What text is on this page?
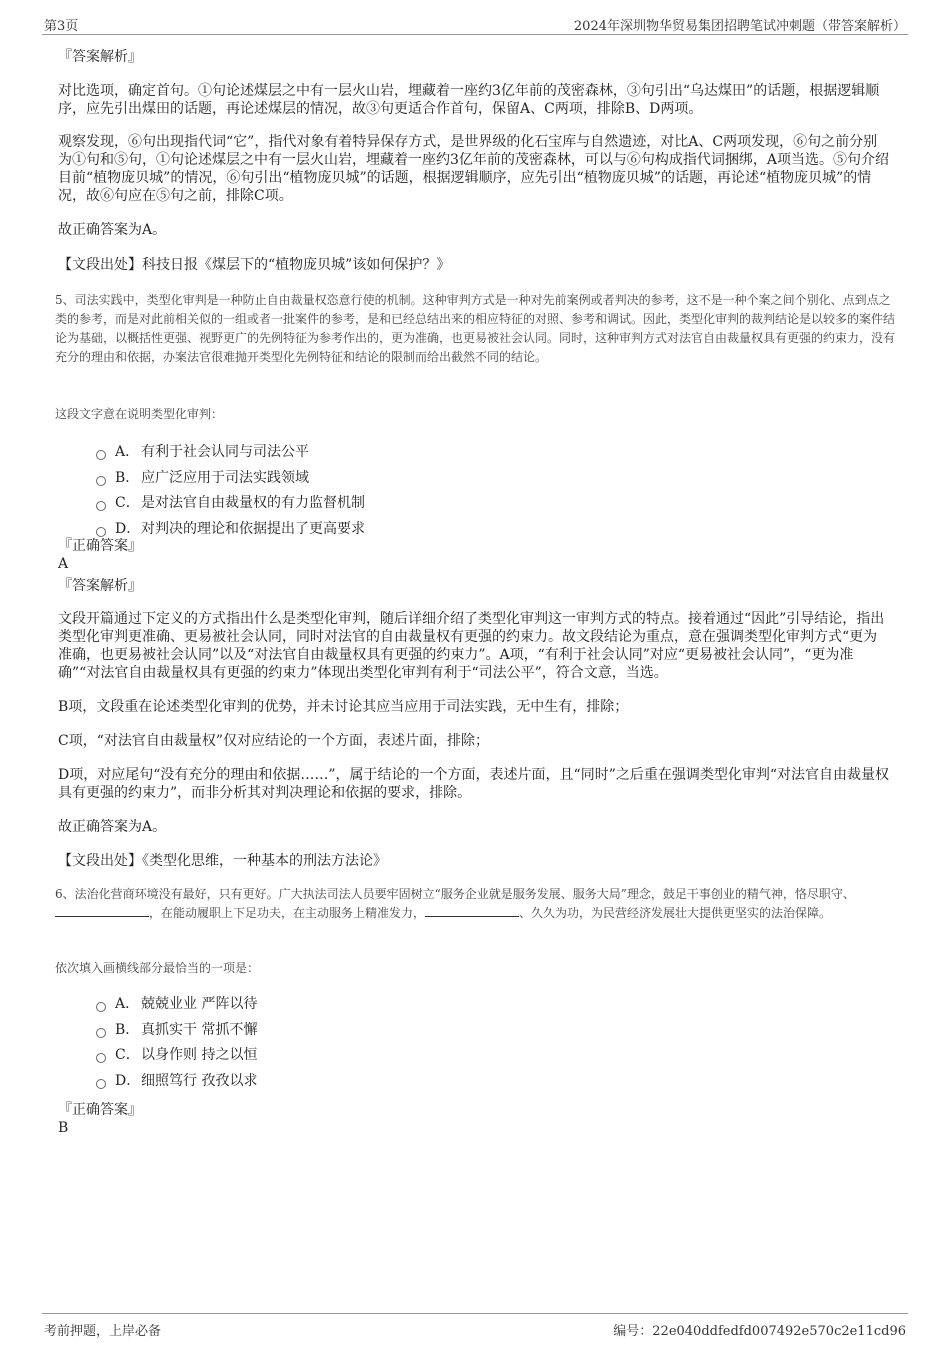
第3页	2024年深圳物华贸易集团招聘笔试冲刺题（带答案解析）
『答案解析』

对比选项，确定首句。①句论述煤层之中有一层火山岩，埋藏着一座约3亿年前的茂密森林，③句引出“乌达煤田”的话题，根据逻辑顺序，应先引出煤田的话题，再论述煤层的情况，故③句更适合作首句，保留A、C两项，排除B、D两项。

观察发现，⑥句出现指代词“它”，指代对象有着特异保存方式，是世界级的化石宝库与自然遗迹，对比A、C两项发现，⑥句之前分别为①句和⑤句，①句论述煤层之中有一层火山岩，埋藏着一座约3亿年前的茂密森林，可以与⑥句构成指代词捆绑，A项当选。⑤句介绍目前“植物庞贝城”的情况，⑥句引出“植物庞贝城”的话题，根据逻辑顺序，应先引出“植物庞贝城”的话题，再论述“植物庞贝城”的情况，故⑥句应在⑤句之前，排除C项。

故正确答案为A。

【文段出处】科技日报《煤层下的“植物庞贝城”该如何保护？》

5、司法实践中，类型化审判是一种防止自由裁量权恣意行使的机制。这种审判方式是一种对先前案例或者判决的参考，这不是一种个案之间个别化、点到点之类的参考，而是对此前相关似的一组或者一批案件的参考，是和已经总结出来的相应特征的对照、参考和调试。因此，类型化审判的裁判结论是以较多的案件结论为基础，以概括性更强、视野更广的先例特征为参考作出的，更为准确，也更易被社会认同。同时，这种审判方式对法官自由裁量权具有更强的约束力，没有充分的理由和依据，办案法官很难抛开类型化先例特征和结论的限制而给出截然不同的结论。

这段文字意在说明类型化审判：

A． 有利于社会认同与司法公平
B． 应广泛应用于司法实践领域
C．是对法官自由裁量权的有力监督机制
D．对判决的理论和依据提出了更高要求
『正确答案』
A
『答案解析』

文段开篇通过下定义的方式指出什么是类型化审判，随后详细介绍了类型化审判这一审判方式的特点。接着通过“因此”引导结论，指出类型化审判更准确、更易被社会认同，同时对法官的自由裁量权有更强的约束力。故文段结论为重点，意在强调类型化审判方式“更为准确，也更易被社会认同”以及“对法官自由裁量权具有更强的约束力”。A项，“有利于社会认同”对应“更易被社会认同”，“更为准确”“对法官自由裁量权具有更强的约束力”体现出类型化审判有利于“司法公平”，符合文意，当选。

B项，文段重在论述类型化审判的优势，并未讨论其应当应用于司法实践，无中生有，排除；

C项，“对法官自由裁量权”仅对应结论的一个方面，表述片面，排除；

D项，对应尾句“没有充分的理由和依据……”，属于结论的一个方面，表述片面，且“同时”之后重在强调类型化审判“对法官自由裁量权具有更强的约束力”，而非分析其对判决理论和依据的要求，排除。

故正确答案为A。

【文段出处】《类型化思维，一种基本的刑法方法论》

6、法治化营商环境没有最好，只有更好。广大执法司法人员要牢固树立“服务企业就是服务发展、服务大局”理念，鼓足干事创业的精气神，恪尽职守、，在能动履职上下足功夫，在主动服务上精准发力，	、久久为功，为民营经济发展壮大提供更坚实的法治保障。

依次填入画横线部分最恰当的一项是：

A． 兢兢业业 严阵以待
B． 真抓实干 常抓不懈
C．以身作则 持之以恒
D．细照笃行 孜孜以求
『正确答案』
B
考前押题，上岸必备	编号：22e040ddfedfd007492e570c2e11cd96
